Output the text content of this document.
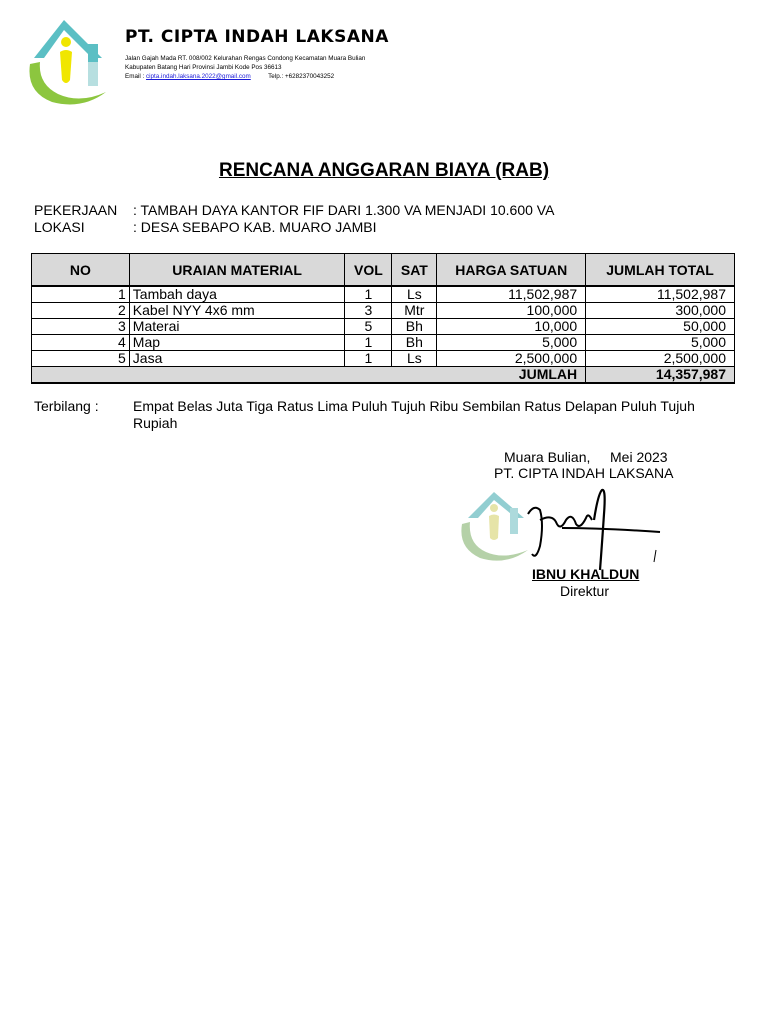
PT. CIPTA INDAH LAKSANA
Jalan Gajah Mada RT. 008/002 Kelurahan Rengas Condong Kecamatan Muara Bulian
Kabupaten Batang Hari Provinsi Jambi Kode Pos 36613
Email : cipta.indah.laksana.2022@gmail.com	Telp.: +6282370043252
RENCANA ANGGARAN BIAYA (RAB)
PEKERJAAN : TAMBAH DAYA KANTOR FIF DARI 1.300 VA MENJADI 10.600 VA
LOKASI	: DESA SEBAPO KAB. MUARO JAMBI
NO	URAIAN MATERIAL	VOL	SAT	HARGA SATUAN	JUMLAH TOTAL
1	Tambah daya	1	Ls	11,502,987	11,502,987
2	Kabel NYY 4x6 mm	3	Mtr	100,000	300,000
3	Materai	5	Bh	10,000	50,000
4	Map	1	Bh	5,000	5,000
5	Jasa	1	Ls	2,500,000	2,500,000
JUMLAH					14,357,987
Terbilang : Empat Belas Juta Tiga Ratus Lima Puluh Tujuh Ribu Sembilan Ratus Delapan Puluh Tujuh Rupiah
Muara Bulian, Mei 2023
PT. CIPTA INDAH LAKSANA
IBNU KHALDUN
Direktur
